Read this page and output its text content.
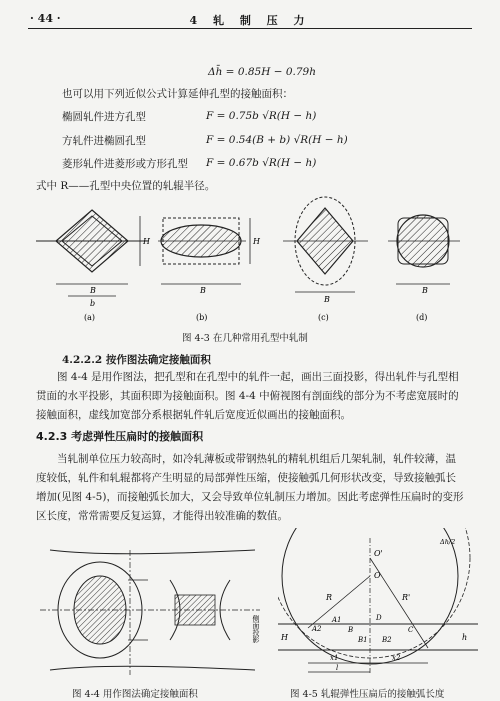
· 44 ·	4 轧 制 压 力
Δh̄ = 0.85H − 0.79h
也可以用下列近似公式计算延伸孔型的接触面积：
椭圆轧件进方孔型	F = 0.75b √R(H − h)
方轧件进椭圆孔型	F = 0.54(B + b) √R(H − h)
菱形轧件进菱形或方形孔型 F = 0.67b √R(H − h)
式中 R——孔型中央位置的轧辊半径。
B
b
H
B
H
B
B
(a)	(b)	(c)	(d)
图 4-3 在几种常用孔型中轧制
4.2.2.2 按作图法确定接触面积
图 4-4 是用作图法，把孔型和在孔型中的轧件一起，画出三面投影，得出轧件与孔型相贯面的水平投影，其面积即为接触面积。图 4-4 中俯视图有剖面线的部分为不考虑宽展时的接触面积，虚线加宽部分系根据轧件轧后宽度近似画出的接触面积。
4.2.3 考虑弹性压扁时的接触面积
当轧制单位压力较高时，如冷轧薄板或带钢热轧的精轧机组后几架轧制，轧件较薄，温度较低，轧件和轧辊都将产生明显的局部弹性压缩，使接触弧几何形状改变，导致接触弧长增加(见图 4-5)，而接触弧长加大，又会导致单位轧制压力增加。因此考虑弹性压扁时的变形区长度，常常需要反复运算，才能得出较准确的数值。
侧面投影
图 4-4 用作图法确定接触面积
O
O'
R	R'
A1
A2
D
B
B1 B2
C
H	h
x1	x2
l
Δh/2
图 4-5 轧辊弹性压扁后的接触弧长度
